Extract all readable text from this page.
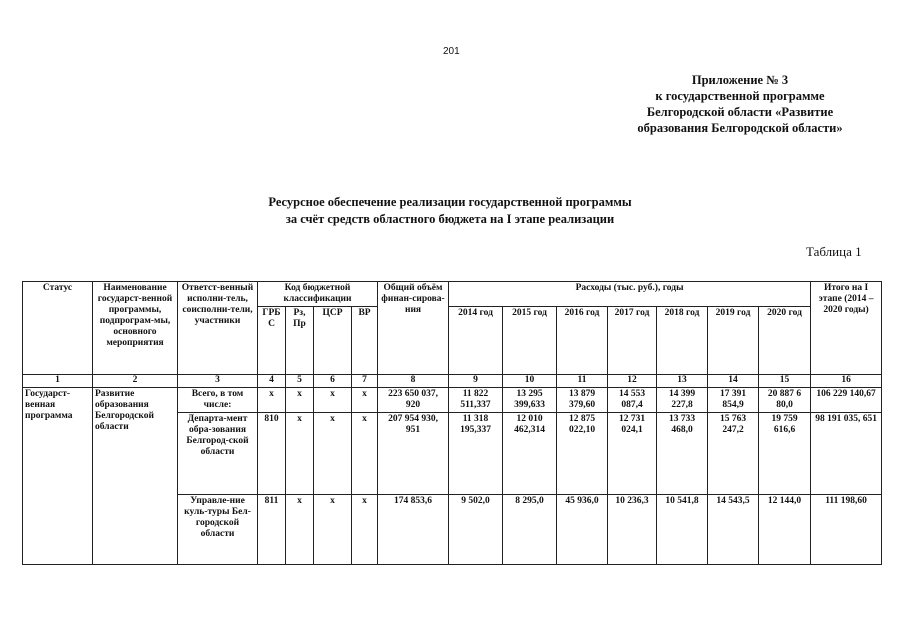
201
Приложение № 3
к государственной программе
Белгородской области «Развитие
образования Белгородской области»
Ресурсное обеспечение реализации государственной программы
за счёт средств областного бюджета на I этапе реализации
Таблица 1
Статус	Наименование государст-венной программы, подпрограм-мы, основного мероприятия	Ответст-венный исполни-тель, соисполни-тели, участники	Код бюджетной классификации				Общий объём финан-сирова-ния	Расходы (тыс. руб.), годы							Итого на I этапе (2014 – 2020 годы)
			ГРБ С	Рз, Пр	ЦСР	ВР		2014 год	2015 год	2016 год	2017 год	2018 год	2019 год	2020 год	
1	2	3	4	5	6	7	8	9	10	11	12	13	14	15	16
Государст-венная программа	Развитие образования Белгородской области	Всего, в том числе:	х	х	х	х	223 650 037, 920	11 822 511,337	13 295 399,633	13 879 379,60	14 553 087,4	14 399 227,8	17 391 854,9	20 887 6 80,0	106 229 140,67
		Департа-мент обра-зования Белгород-ской области	810	х	х	х	207 954 930, 951	11 318 195,337	12 010 462,314	12 875 022,10	12 731 024,1	13 733 468,0	15 763 247,2	19 759 616,6	98 191 035, 651
		Управле-ние куль-туры Бел-городской области	811	х	х	х	174 853,6	9 502,0	8 295,0	45 936,0	10 236,3	10 541,8	14 543,5	12 144,0	111 198,60
